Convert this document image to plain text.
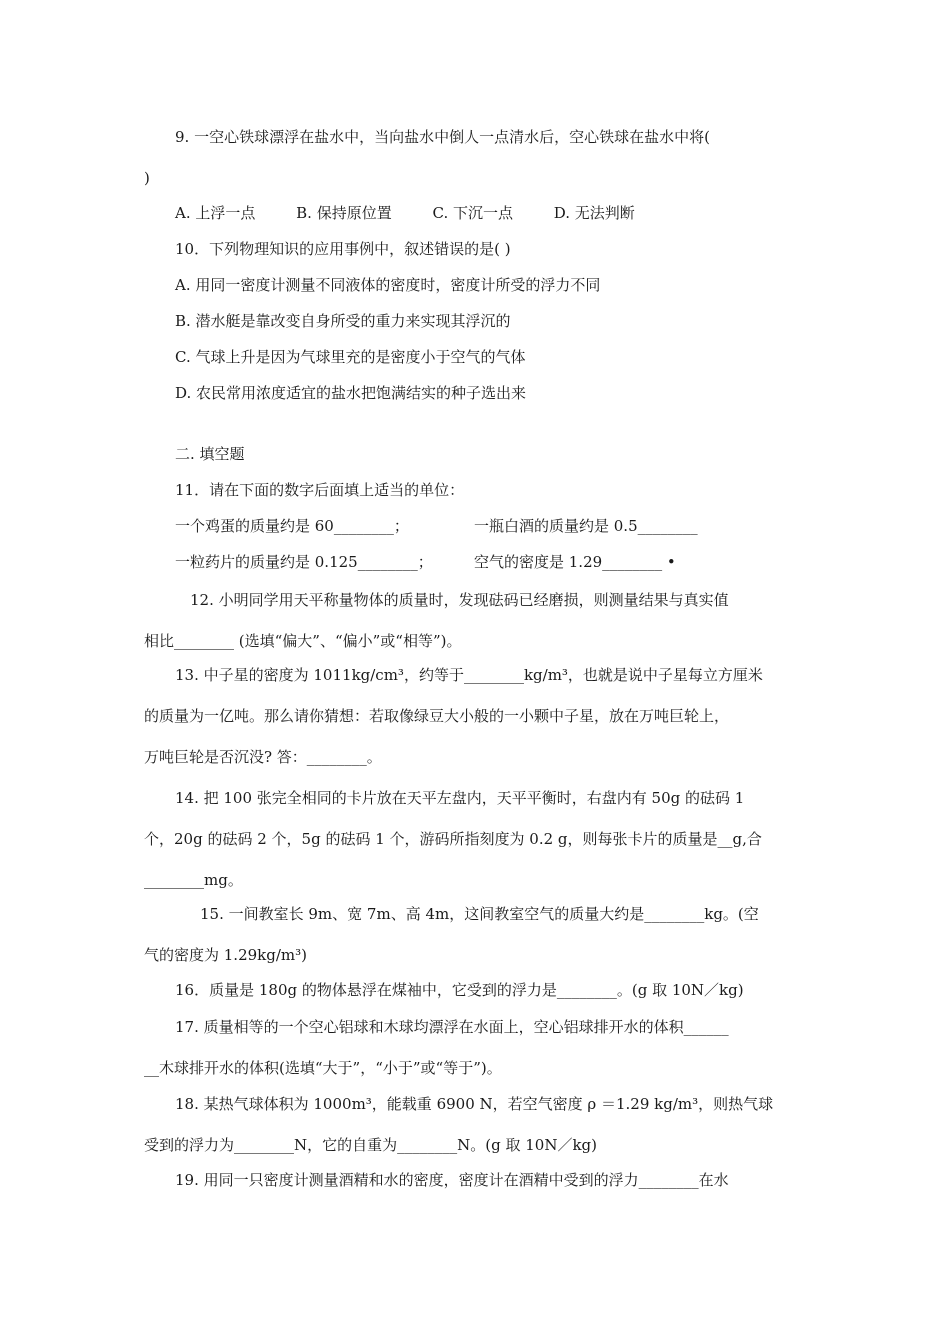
9. 一空心铁球漂浮在盐水中，当向盐水中倒人一点清水后，空心铁球在盐水中将(
)
A. 上浮一点	B. 保持原位置	C. 下沉一点	D. 无法判断
10．下列物理知识的应用事例中，叙述错误的是( )
A. 用同一密度计测量不同液体的密度时，密度计所受的浮力不同
B. 潜水艇是靠改变自身所受的重力来实现其浮沉的
C. 气球上升是因为气球里充的是密度小于空气的气体
D. 农民常用浓度适宜的盐水把饱满结实的种子选出来
二. 填空题
11．请在下面的数字后面填上适当的单位：
一个鸡蛋的质量约是 60________；	一瓶白酒的质量约是 0.5________
一粒药片的质量约是 0.125________；	空气的密度是 1.29________ •
12. 小明同学用天平称量物体的质量时，发现砝码已经磨损，则测量结果与真实值
相比________ (选填“偏大”、“偏小”或“相等”)。
13. 中子星的密度为 1011kg/cm³，约等于________kg/m³，也就是说中子星每立方厘米
的质量为一亿吨。那么请你猜想：若取像绿豆大小般的一小颗中子星，放在万吨巨轮上，
万吨巨轮是否沉没? 答：________。
14. 把 100 张完全相同的卡片放在天平左盘内，天平平衡时，右盘内有 50g 的砝码 1
个，20g 的砝码 2 个，5g 的砝码 1 个，游码所指刻度为 0.2 g，则每张卡片的质量是__g,合
________mg。
15. 一间教室长 9m、宽 7m、高 4m，这间教室空气的质量大约是________kg。(空
气的密度为 1.29kg/m³)
16．质量是 180g 的物体悬浮在煤袖中，它受到的浮力是________。(g 取 10N／kg)
17. 质量相等的一个空心铝球和木球均漂浮在水面上，空心铝球排开水的体积______
__木球排开水的体积(选填“大于”，“小于”或“等于”)。
18. 某热气球体积为 1000m³，能载重 6900 N，若空气密度 ρ ＝1.29 kg/m³，则热气球
受到的浮力为________N，它的自重为________N。(g 取 10N／kg)
19. 用同一只密度计测量酒精和水的密度，密度计在酒精中受到的浮力________在水
